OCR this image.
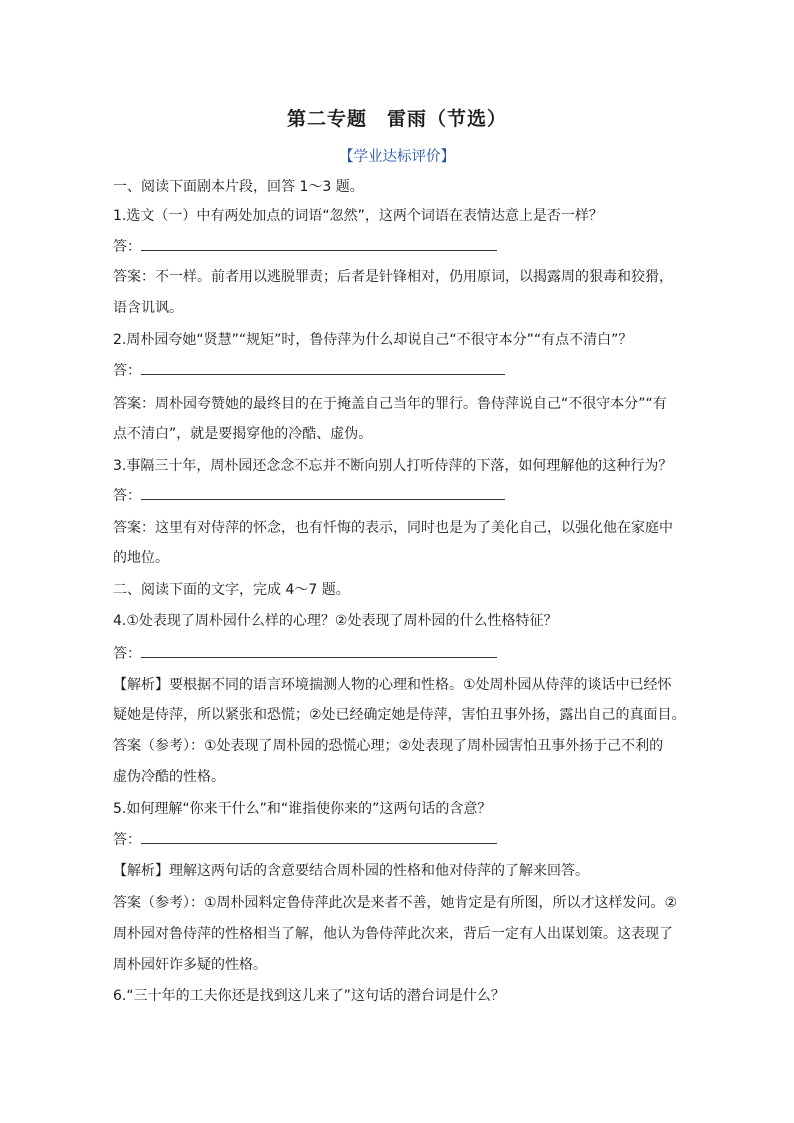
第二专题　雷雨（节选）
【学业达标评价】
一、阅读下面剧本片段，回答 1～3 题。
1.选文（一）中有两处加点的词语“忽然”，这两个词语在表情达意上是否一样？
答：
答案：不一样。前者用以逃脱罪责；后者是针锋相对，仍用原词，以揭露周的狠毒和狡猾，
语含讥讽。
2.周朴园夸她“贤慧”“规矩”时，鲁侍萍为什么却说自己“不很守本分”“有点不清白”？
答：
答案：周朴园夸赞她的最终目的在于掩盖自己当年的罪行。鲁侍萍说自己“不很守本分”“有
点不清白”，就是要揭穿他的冷酷、虚伪。
3.事隔三十年，周朴园还念念不忘并不断向别人打听侍萍的下落，如何理解他的这种行为？
答：
答案：这里有对侍萍的怀念，也有忏悔的表示，同时也是为了美化自己，以强化他在家庭中
的地位。
二、阅读下面的文字，完成 4～7 题。
4.①处表现了周朴园什么样的心理？②处表现了周朴园的什么性格特征？
答：
【解析】要根据不同的语言环境揣测人物的心理和性格。①处周朴园从侍萍的谈话中已经怀
疑她是侍萍，所以紧张和恐慌；②处已经确定她是侍萍，害怕丑事外扬，露出自己的真面目。
答案（参考）：①处表现了周朴园的恐慌心理；②处表现了周朴园害怕丑事外扬于己不利的
虚伪冷酷的性格。
5.如何理解“你来干什么”和“谁指使你来的”这两句话的含意？
答：
【解析】理解这两句话的含意要结合周朴园的性格和他对侍萍的了解来回答。
答案（参考）：①周朴园料定鲁侍萍此次是来者不善，她肯定是有所图，所以才这样发问。②
周朴园对鲁侍萍的性格相当了解，他认为鲁侍萍此次来，背后一定有人出谋划策。这表现了
周朴园奸诈多疑的性格。
6.“三十年的工夫你还是找到这儿来了”这句话的潜台词是什么？
